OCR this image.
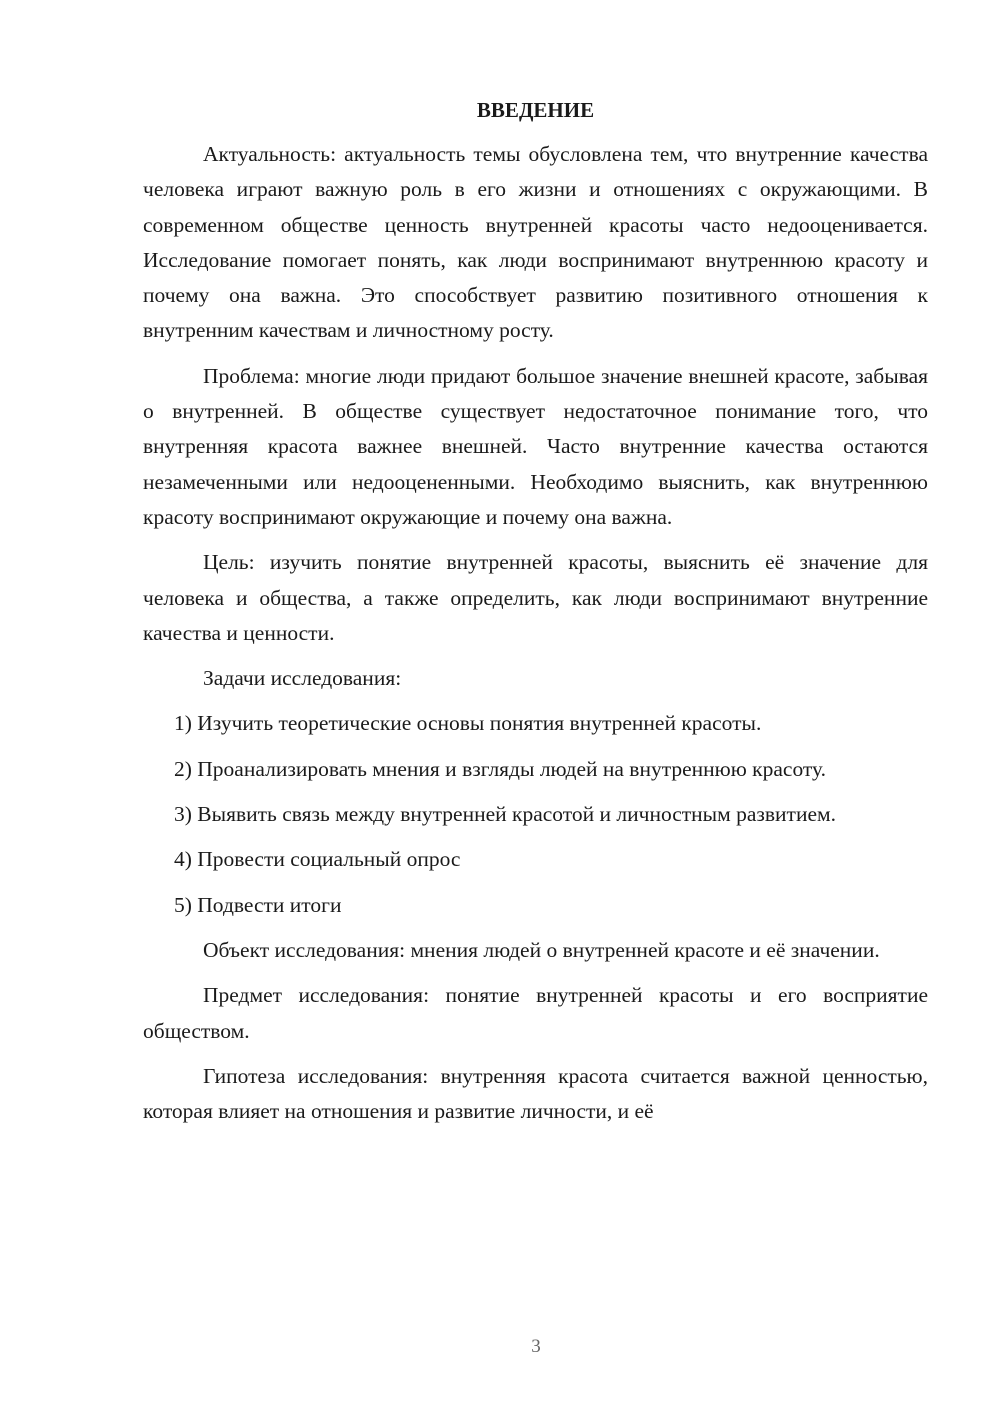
ВВЕДЕНИЕ

Актуальность: актуальность темы обусловлена тем, что внутренние качества человека играют важную роль в его жизни и отношениях с окружающими. В современном обществе ценность внутренней красоты часто недооценивается. Исследование помогает понять, как люди воспринимают внутреннюю красоту и почему она важна. Это способствует развитию позитивного отношения к внутренним качествам и личностному росту.

Проблема: многие люди придают большое значение внешней красоте, забывая о внутренней. В обществе существует недостаточное понимание того, что внутренняя красота важнее внешней. Часто внутренние качества остаются незамеченными или недооцененными. Необходимо выяснить, как внутреннюю красоту воспринимают окружающие и почему она важна.

Цель: изучить понятие внутренней красоты, выяснить её значение для человека и общества, а также определить, как люди воспринимают внутренние качества и ценности.

Задачи исследования:

1) Изучить теоретические основы понятия внутренней красоты.

2) Проанализировать мнения и взгляды людей на внутреннюю красоту.

3) Выявить связь между внутренней красотой и личностным развитием.

4) Провести социальный опрос

5) Подвести итоги

Объект исследования: мнения людей о внутренней красоте и её значении.

Предмет исследования: понятие внутренней красоты и его восприятие обществом.

Гипотеза исследования: внутренняя красота считается важной ценностью, которая влияет на отношения и развитие личности, и её

3
